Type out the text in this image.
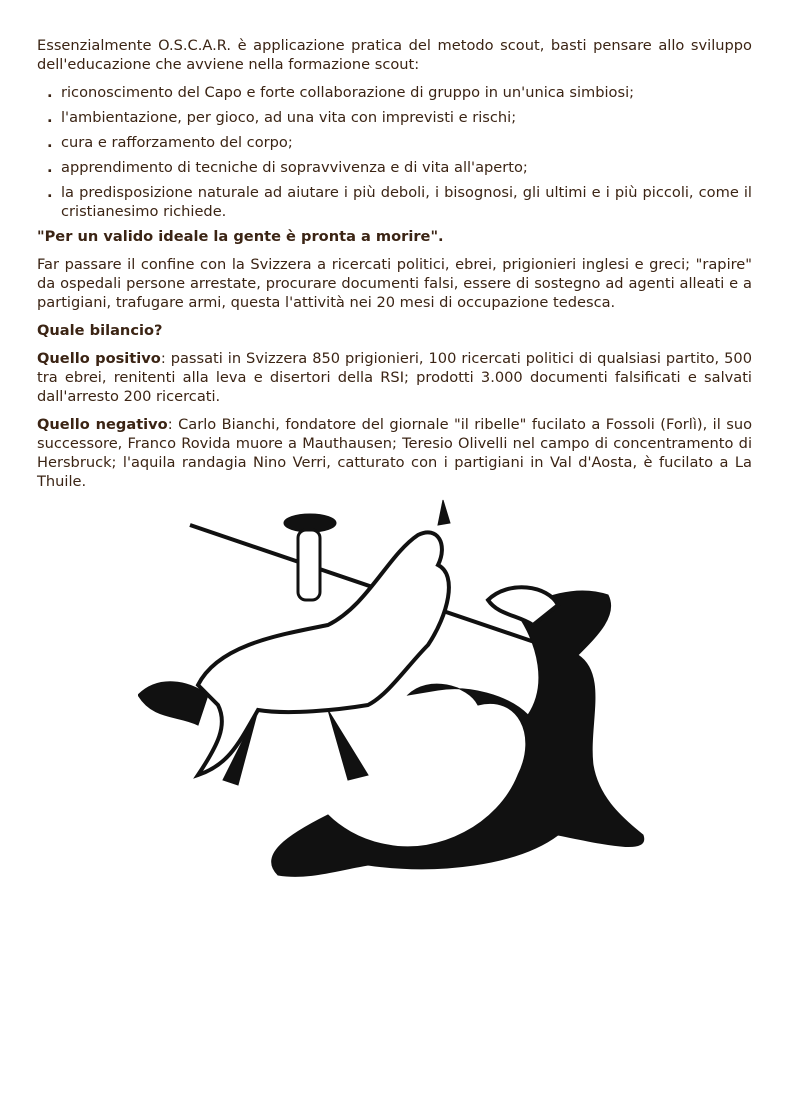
Essenzialmente O.S.C.A.R. è applicazione pratica del metodo scout, basti pensare allo sviluppo dell'educazione che avviene nella formazione scout:

. riconoscimento del Capo e forte collaborazione di gruppo in un'unica simbiosi;
. l'ambientazione, per gioco, ad una vita con imprevisti e rischi;
. cura e rafforzamento del corpo;
. apprendimento di tecniche di sopravvivenza e di vita all'aperto;
. la predisposizione naturale ad aiutare i più deboli, i bisognosi, gli ultimi e i più piccoli, come il cristianesimo richiede.

"Per un valido ideale la gente è pronta a morire".

Far passare il confine con la Svizzera a ricercati politici, ebrei, prigionieri inglesi e greci; "rapire" da ospedali persone arrestate, procurare documenti falsi, essere di sostegno ad agenti alleati e a partigiani, trafugare armi, questa l'attività nei 20 mesi di occupazione tedesca.

Quale bilancio?

Quello positivo: passati in Svizzera 850 prigionieri, 100 ricercati politici di qualsiasi partito, 500 tra ebrei, renitenti alla leva e disertori della RSI; prodotti 3.000 documenti falsificati e salvati dall'arresto 200 ricercati.

Quello negativo: Carlo Bianchi, fondatore del giornale "il ribelle" fucilato a Fossoli (Forlì), il suo successore, Franco Rovida muore a Mauthausen; Teresio Olivelli nel campo di concentramento di Hersbruck; l'aquila randagia Nino Verri, catturato con i partigiani in Val d'Aosta, è fucilato a La Thuile.
